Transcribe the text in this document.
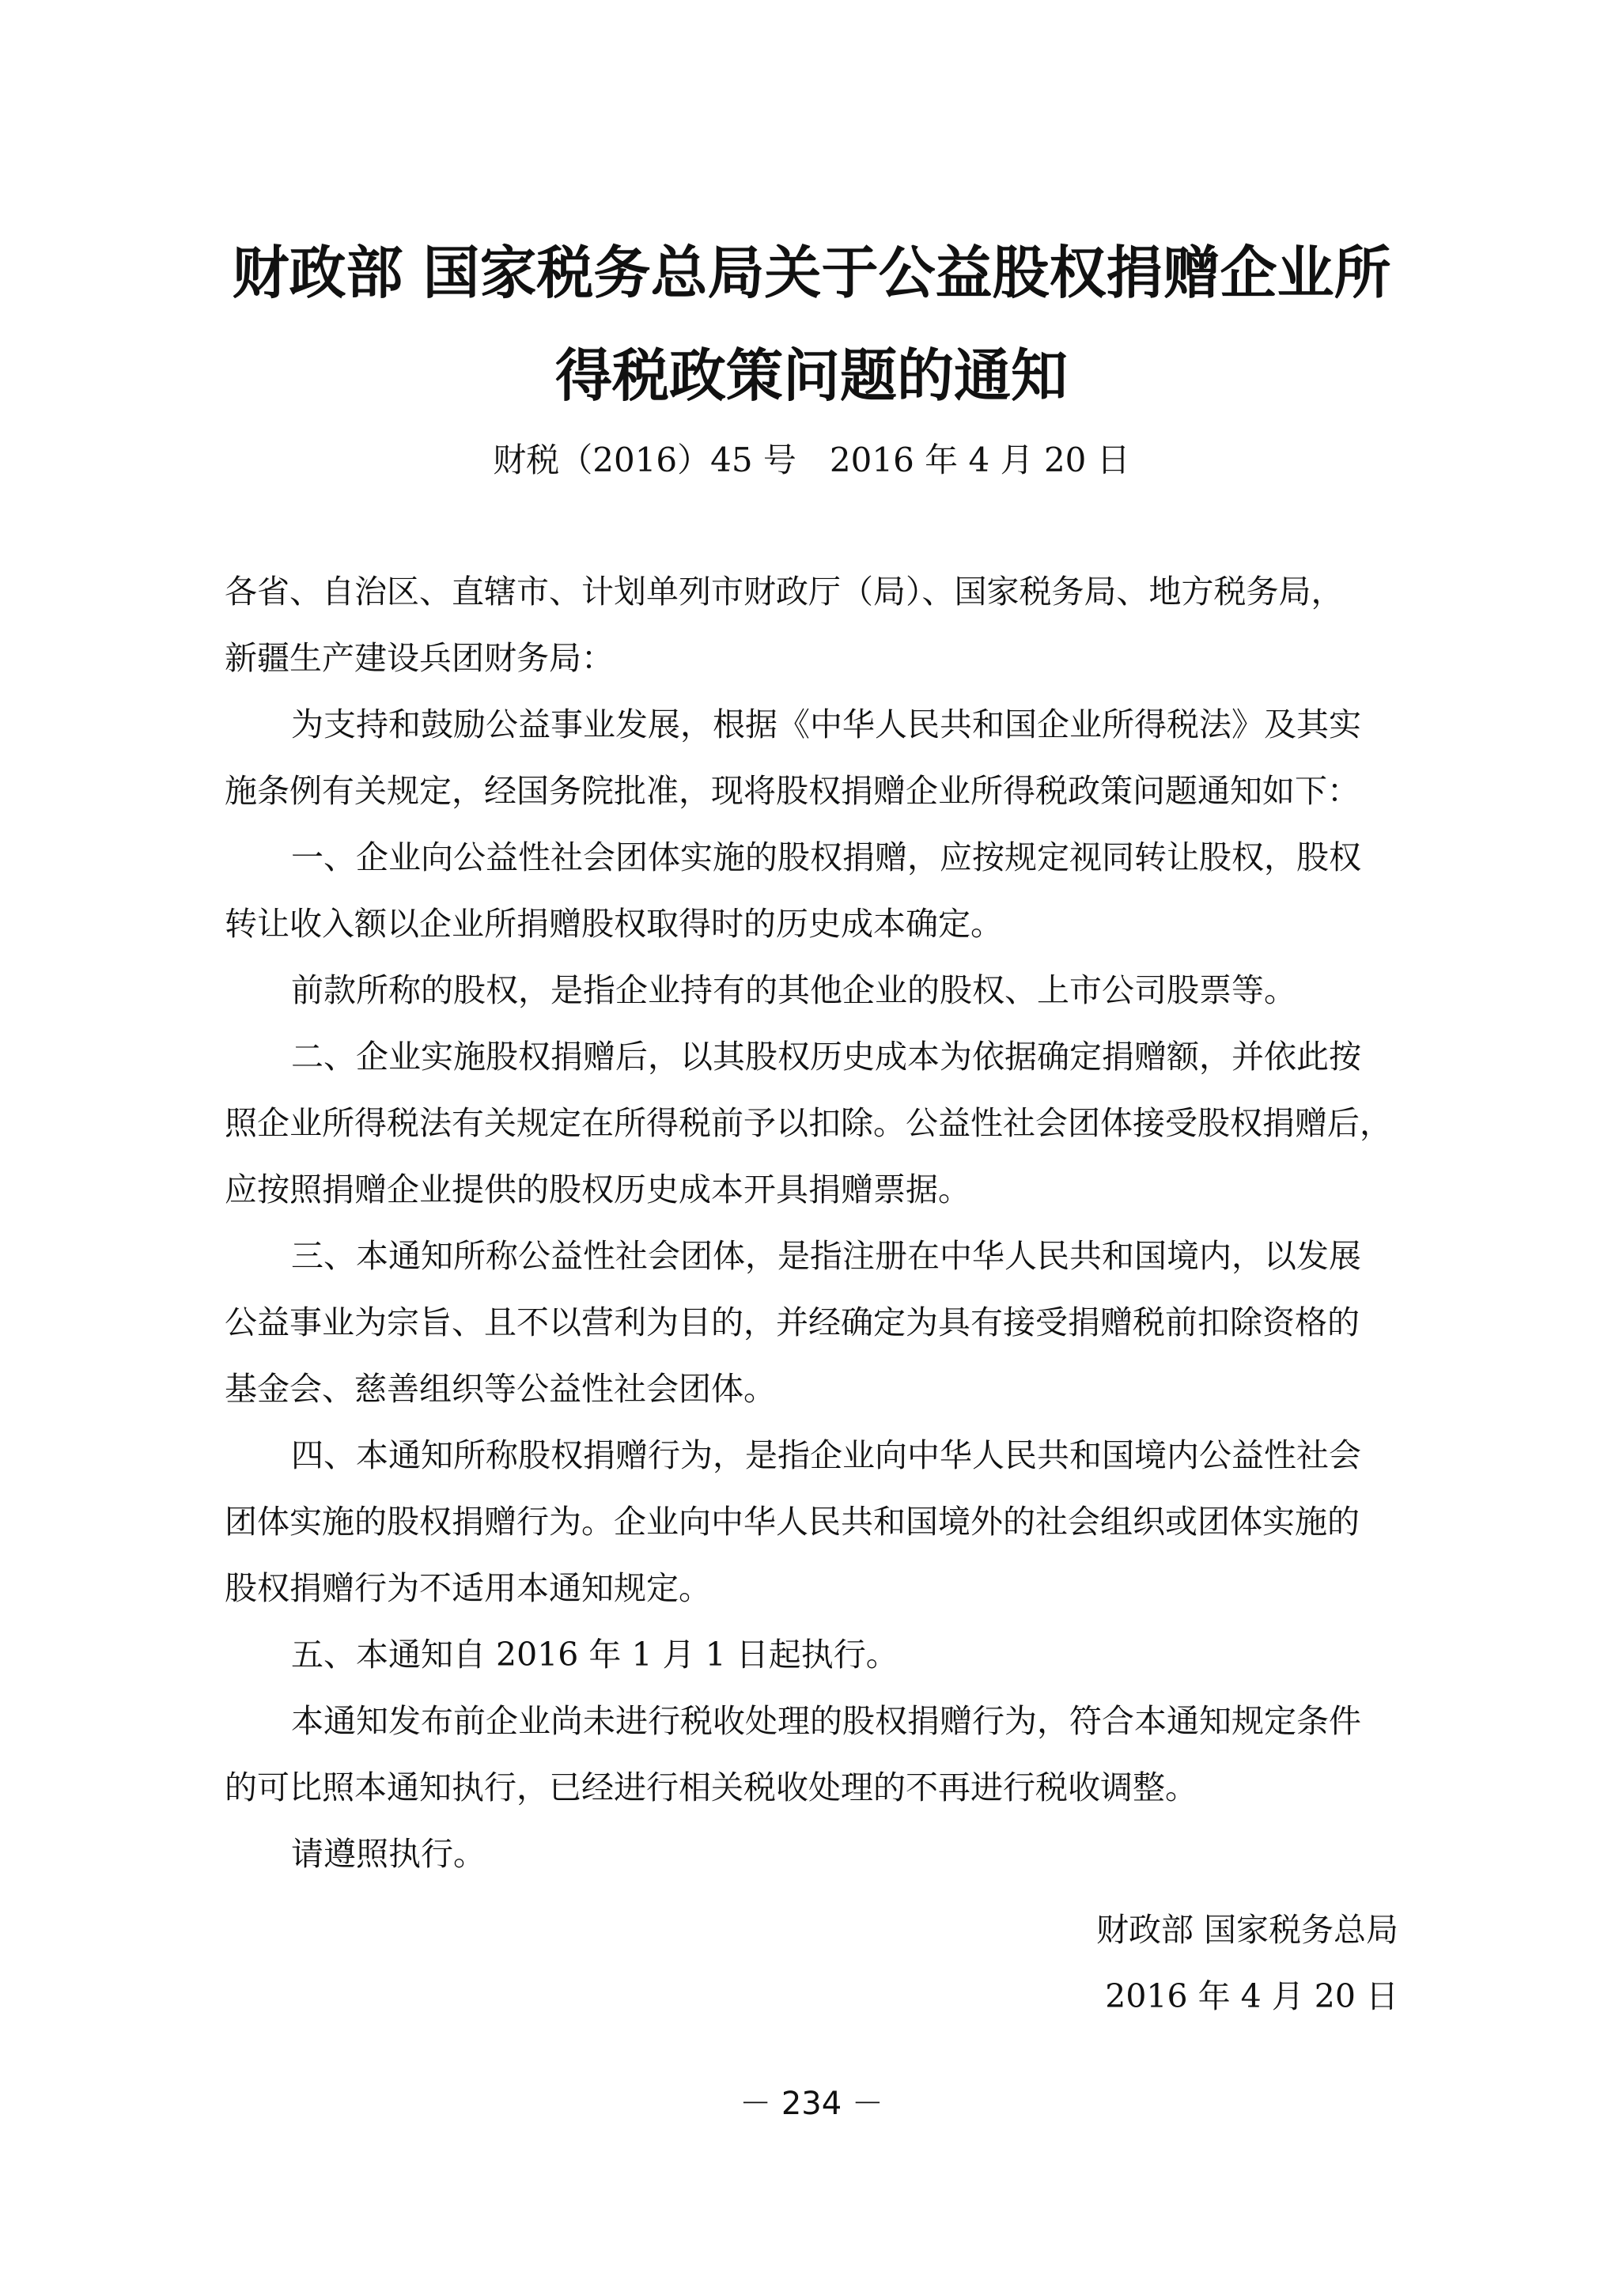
财政部 国家税务总局关于公益股权捐赠企业所
得税政策问题的通知
财税（2016）45 号　2016 年 4 月 20 日
各省、自治区、直辖市、计划单列市财政厅（局）、国家税务局、地方税务局，
新疆生产建设兵团财务局：
为支持和鼓励公益事业发展，根据《中华人民共和国企业所得税法》及其实
施条例有关规定，经国务院批准，现将股权捐赠企业所得税政策问题通知如下：
一、企业向公益性社会团体实施的股权捐赠，应按规定视同转让股权，股权
转让收入额以企业所捐赠股权取得时的历史成本确定。
前款所称的股权，是指企业持有的其他企业的股权、上市公司股票等。
二、企业实施股权捐赠后，以其股权历史成本为依据确定捐赠额，并依此按
照企业所得税法有关规定在所得税前予以扣除。公益性社会团体接受股权捐赠后，
应按照捐赠企业提供的股权历史成本开具捐赠票据。
三、本通知所称公益性社会团体，是指注册在中华人民共和国境内，以发展
公益事业为宗旨、且不以营利为目的，并经确定为具有接受捐赠税前扣除资格的
基金会、慈善组织等公益性社会团体。
四、本通知所称股权捐赠行为，是指企业向中华人民共和国境内公益性社会
团体实施的股权捐赠行为。企业向中华人民共和国境外的社会组织或团体实施的
股权捐赠行为不适用本通知规定。
五、本通知自 2016 年 1 月 1 日起执行。
本通知发布前企业尚未进行税收处理的股权捐赠行为，符合本通知规定条件
的可比照本通知执行，已经进行相关税收处理的不再进行税收调整。
请遵照执行。
财政部 国家税务总局
2016 年 4 月 20 日
－ 234 －
